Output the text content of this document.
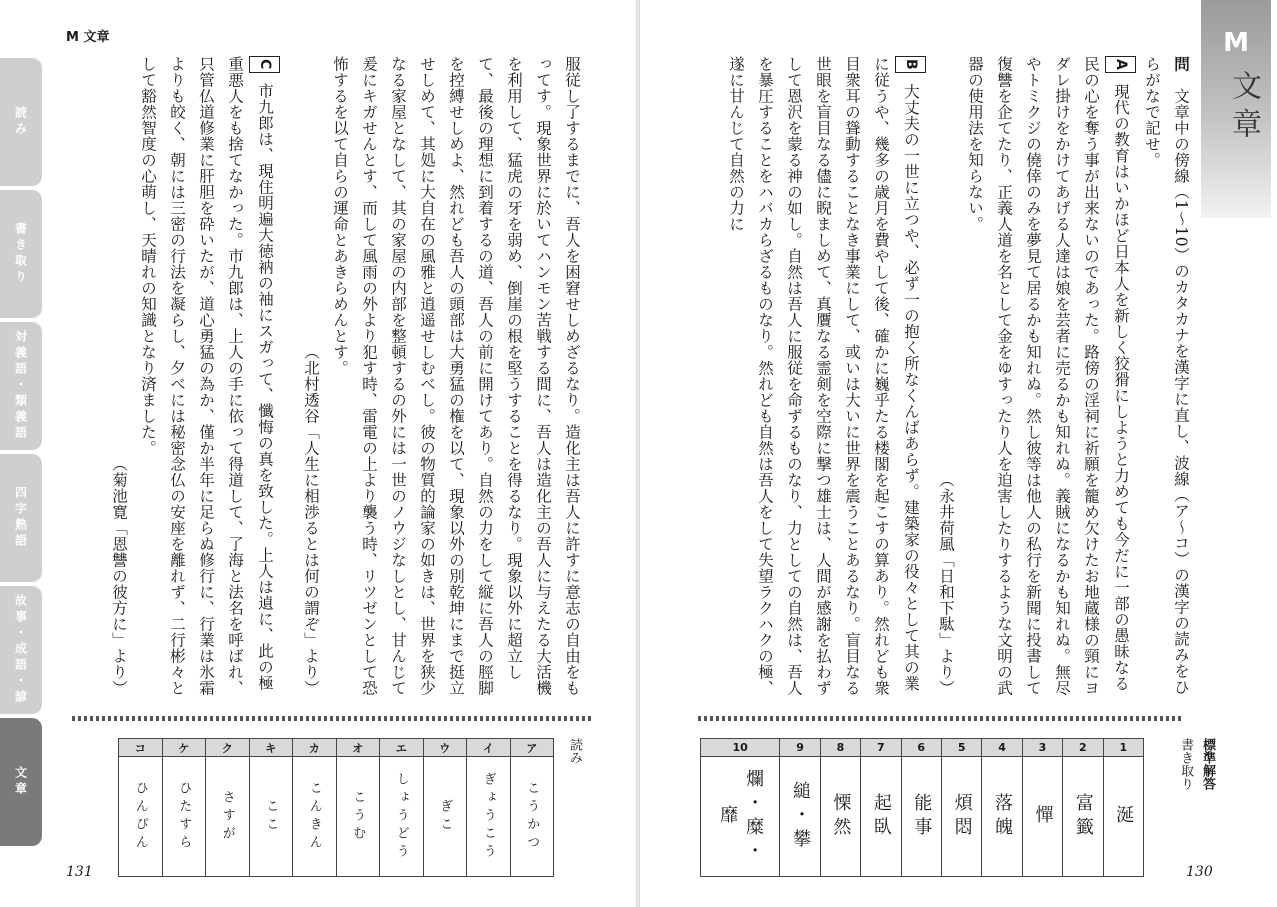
M 文章
読み
書き取り
対義語・類義語
四字熟語
故事・成語・諺
文章

服従し了するまでに、吾人を困窘せしめざるなり。造化主は吾人に許すに意志の自由をもってす。現象世界に於いてハンモン苦戦する間に、吾人は造化主の吾人に与えたる大活機を利用して、猛虎の牙を弱め、倒崖の根を堅うすることを得るなり。現象以外に超立して、最後の理想に到着するの道、吾人の前に開けてあり。自然の力をして縦に吾人の脛脚を控縛せしめよ、然れども吾人の頭部は大勇猛の権を以て、現象以外の別乾坤にまで挺立せしめて、其処に大自在の風雅と逍遥せしむべし。彼の物質的論家の如きは、世界を狭少なる家屋となして、其の家屋の内部を整頓するの外には一世のノウジなしとし、甘んじて爰にキガせんとす、而して風雨の外より犯す時、雷電の上より襲う時、リツゼンとして恐怖するを以て自らの運命とあきらめんとす。

（北村透谷「人生に相渉るとは何の謂ぞ」より）

C市九郎は、現住明遍大徳衲の袖にスガって、懺悔の真を致した。上人は遉に、此の極重悪人をも捨てなかった。市九郎は、上人の手に依って得道して、了海と法名を呼ばれ、只管仏道修業に肝胆を砕いたが、道心勇猛の為か、僅か半年に足らぬ修行に、行業は氷霜よりも皎く、朝には三密の行法を凝らし、夕べには秘密念仏の安座を離れず、二行彬々として豁然智度の心萌し、天晴れの知識となり済ました。

（菊池寛「恩讐の彼方に」より）

読み
コ	ケ	ク	キ	カ	オ	エ	ウ	イ	ア
ひんぴん	ひたすら	さすが	ここ	こんきん	こうむ	しょうどう	ぎこ	ぎょうこう	こうかつ
131
M
文章

問　文章中の傍線（1〜10）のカタカナを漢字に直し、波線（ア〜コ）の漢字の読みをひらがなで記せ。

A現代の教育はいかほど日本人を新しく狡猾にしようと力めても今だに一部の愚昧なる民の心を奪う事が出来ないのであった。路傍の淫祠に祈願を籠め欠けたお地蔵様の頸にヨダレ掛けをかけてあげる人達は娘を芸者に売るかも知れぬ。義賊になるかも知れぬ。無尽やトミクジの僥倖のみを夢見て居るかも知れぬ。然し彼等は他人の私行を新聞に投書して復讐を企てたり、正義人道を名として金をゆすったり人を迫害したりするような文明の武器の使用法を知らない。

（永井荷風「日和下駄」より）

B大丈夫の一世に立つや、必ず一の抱く所なくんばあらず。建築家の役々として其の業に従うや、幾多の歳月を費やして後、確かに巍乎たる楼閣を起こすの算あり。然れども衆目衆耳の聳動することなき事業にして、或いは大いに世界を震うことあるなり。盲目なる世眼を盲目なる儘に睨ましめて、真贋なる霊剣を空際に撃つ雄士は、人間が感謝を払わずして恩沢を蒙る神の如し。自然は吾人に服従を命ずるものなり、力としての自然は、吾人を暴圧することをハバカらざるものなり。然れども自然は吾人をして失望ラクハクの極、遂に甘んじて自然の力に

標準解答
書き取り
10	9	8	7	6	5	4	3	2	1
爛・糜・靡	縋・攀	慄然	起臥	能事	煩悶	落魄	憚	富籤	涎
130
